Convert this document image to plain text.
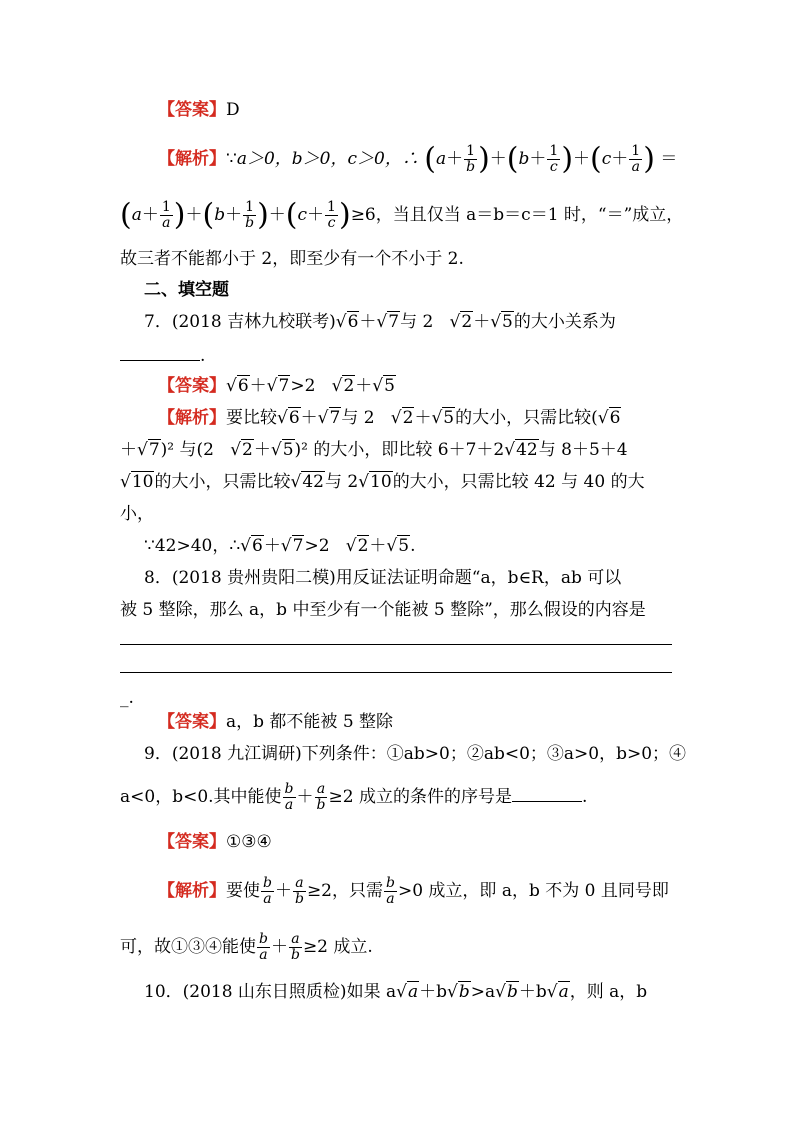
【答案】D
【解析】∵a＞0，b＞0，c＞0，∴ $(a+ \frac{1}{b} )+(b+ \frac{1}{c} )+(c+ \frac{1}{a}$ ) ＝
$(a+ \frac{1}{a} )+(b+ \frac{1}{b} )+(c+ \frac{1}{c} )\ge 6$，当且仅当 a＝b＝c＝1 时，“＝”成立，
故三者不能都小于 2，即至少有一个不小于 2.
二、填空题
7．(2018 吉林九校联考)√6＋√7与 2   √2＋√5的大小关系为
.
【答案】√6＋√7>2   √2＋√5
【解析】要比较√6＋√7与 2   √2＋√5的大小，只需比较(√6
＋√7)² 与(2   √2＋√5)² 的大小，即比较 6＋7＋2√42与 8＋5＋4
√10的大小，只需比较√42与 2√10的大小，只需比较 42 与 40 的大
小，
∵42>40，∴√6＋√7>2   √2＋√5.
8．(2018 贵州贵阳二模)用反证法证明命题“a，b∈R，ab 可以
被 5 整除，那么 a，b 中至少有一个能被 5 整除”，那么假设的内容是
_.
【答案】a，b 都不能被 5 整除
9．(2018 九江调研)下列条件：①ab>0；②ab<0；③a>0，b>0；④
a<0，b<0.其中能使 $\frac{b}{a} + \frac{a}{b} \ge 2$ 成立的条件的序号是	.
【答案】①③④
【解析】要使 $\frac{b}{a} + \frac{a}{b} \ge 2$，只需 $\frac{b}{a} >0$ 成立，即 a，b 不为 0 且同号即
可，故①③④能使 $\frac{b}{a} + \frac{a}{b} \ge 2$ 成立.
10．(2018 山东日照质检)如果 a√a＋b√b>a√b＋b√a，则 a，b
